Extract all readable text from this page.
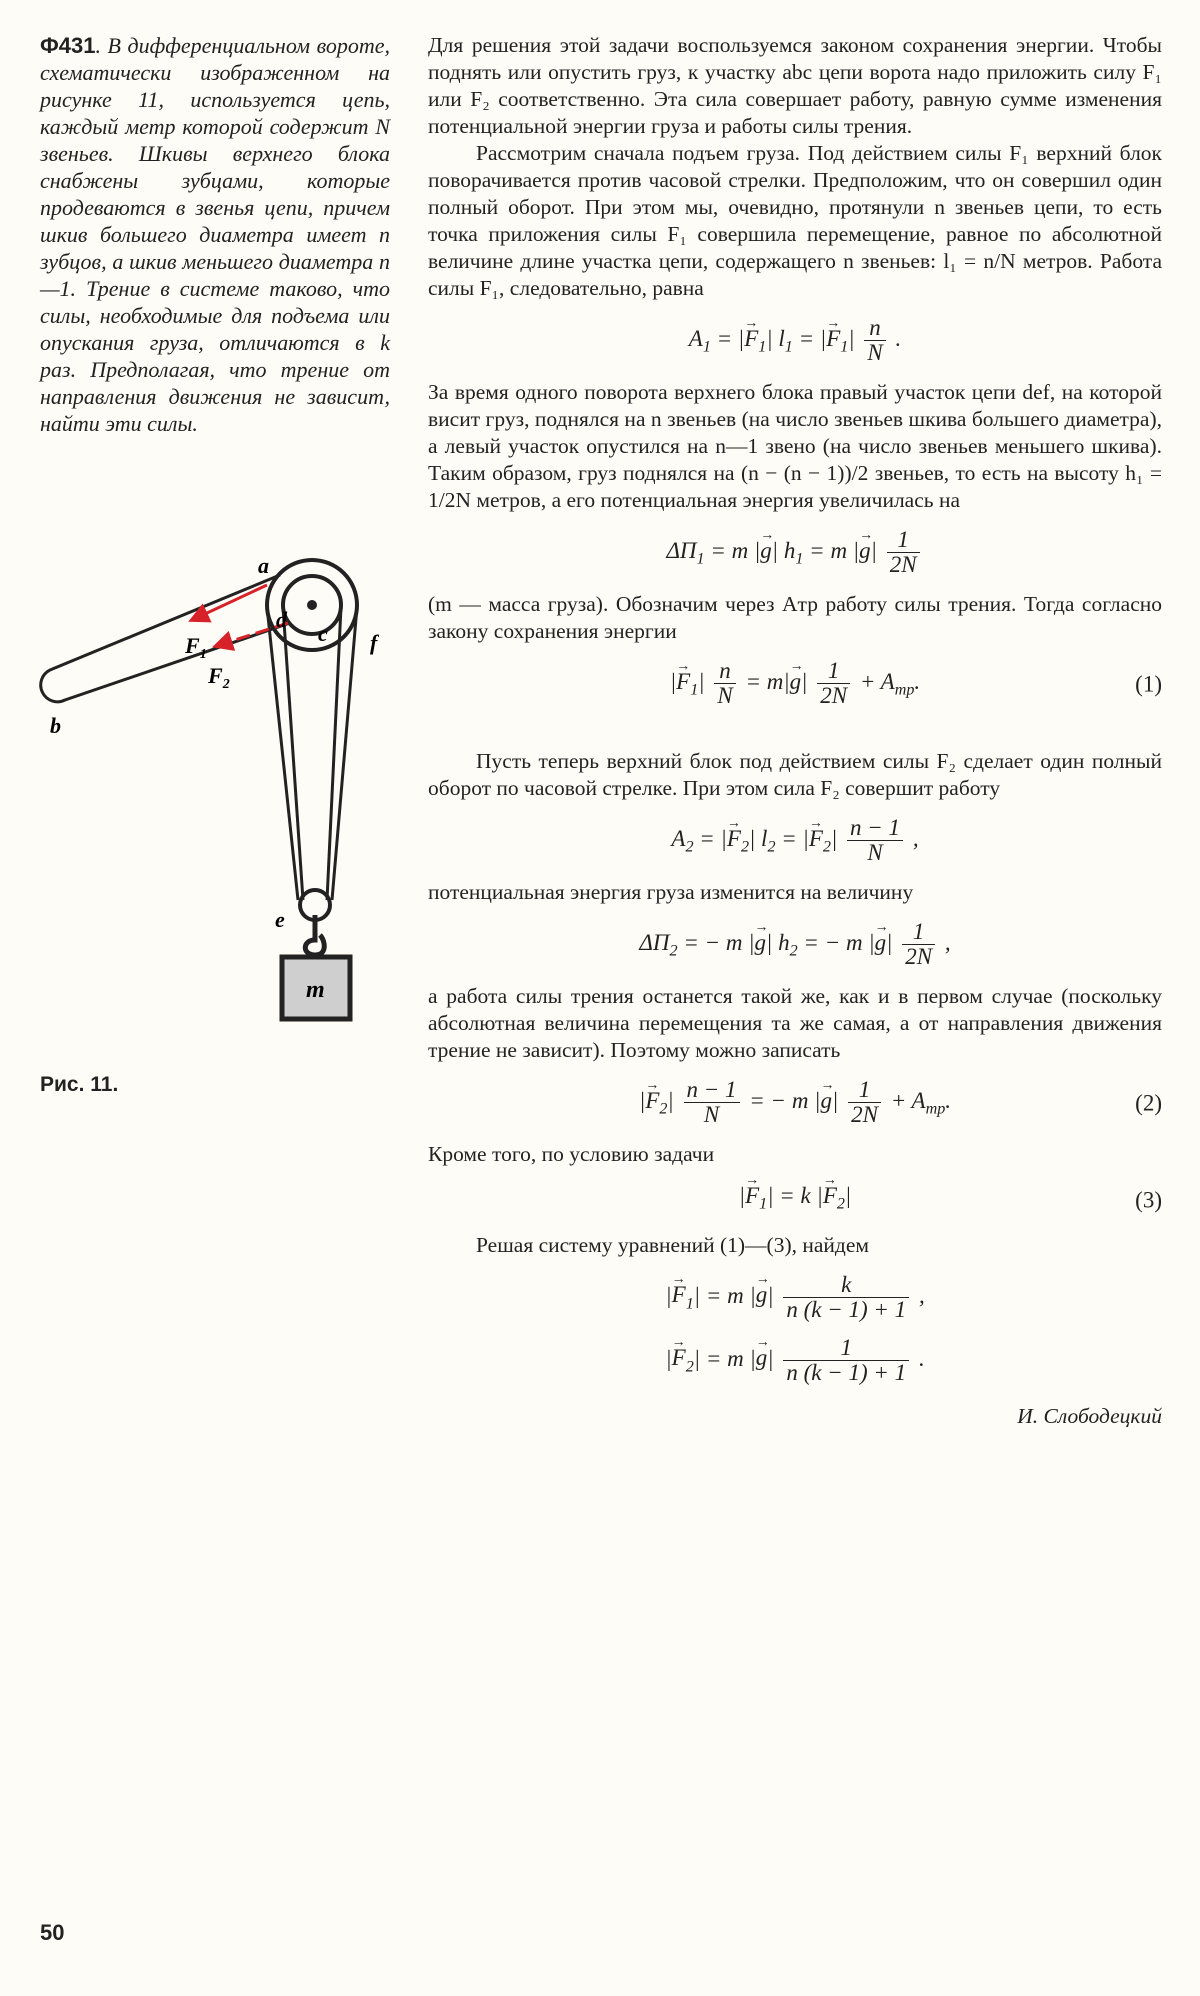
Ф431. В дифференциальном вороте, схематически изображенном на рисунке 11, используется цепь, каждый метр которой содержит N звеньев. Шкивы верхнего блока снабжены зубцами, которые продеваются в звенья цепи, причем шкив большего диаметра имеет n зубцов, а шкив меньшего диаметра n—1. Трение в системе таково, что силы, необходимые для подъема или опускания груза, отличаются в k раз. Предполагая, что трение от направления движения не зависит, найти эти силы.

a
b
c
d
e
f
m
$F_1$
$F_2$
Рис. 11.

Для решения этой задачи воспользуемся законом сохранения энергии. Чтобы поднять или опустить груз, к участку abc цепи ворота надо приложить силу F₁ или F₂ соответственно. Эта сила совершает работу, равную сумме изменения потенциальной энергии груза и работы силы трения.

Рассмотрим сначала подъем груза. Под действием силы F₁ верхний блок поворачивается против часовой стрелки. Предположим, что он совершил один полный оборот. При этом мы, очевидно, протянули n звеньев цепи, то есть точка приложения силы F₁ совершила перемещение, равное по абсолютной величине длине участка цепи, содержащего n звеньев: l₁ = n/N метров. Работа силы F₁, следовательно, равна

$A_1$ = |→ $F_1|$ $l_1$ = |→ $F_1| \frac{n}{N}$ .

За время одного поворота верхнего блока правый участок цепи def, на которой висит груз, поднялся на n звеньев (на число звеньев шкива большего диаметра), а левый участок опустился на n—1 звено (на число звеньев меньшего шкива). Таким образом, груз поднялся на (n − (n − 1))/2 звеньев, то есть на высоту h₁ = 1/2N метров, а его потенциальная энергия увеличилась на

$\Delta\Pi_1 = m$ |→ g| $h_1 = m$ |→ $g| \frac{1}{2N}$

(m — масса груза). Обозначим через Aтр работу силы трения. Тогда согласно закону сохранения энергии

|→ $F_1| \frac{n}{N} = m|\to g| \frac{1}{2N} + A_{тр}$.	(1)

Пусть теперь верхний блок под действием силы F₂ сделает один полный оборот по часовой стрелке. При этом сила F₂ совершит работу

$A_2$ = |→ $F_2|$ $l_2$ = |→ $F_2| \frac{n - 1}{N}$ ,

потенциальная энергия груза изменится на величину

$\Delta\Pi_2$ = − m |→ g| $h_2$ = − m |→ $g| \frac{1}{2N}$ ,

а работа силы трения останется такой же, как и в первом случае (поскольку абсолютная величина перемещения та же самая, а от направления движения трение не зависит). Поэтому можно записать

|→ $F_2| \frac{n - 1}{N}$ = − m |→ $g| \frac{1}{2N} + A_{тр}$.	(2)

Кроме того, по условию задачи

|→ $F_1| = k$ |→ $F_2|$	(3)

Решая систему уравнений (1)—(3), найдем

|→ $F_1| = m$ |→ $g| \frac{k}{n (k - 1) + 1}$ ,
|→ $F_2| = m$ |→ $g| \frac{1}{n (k - 1) + 1}$ .
И. Слободецкий
50
